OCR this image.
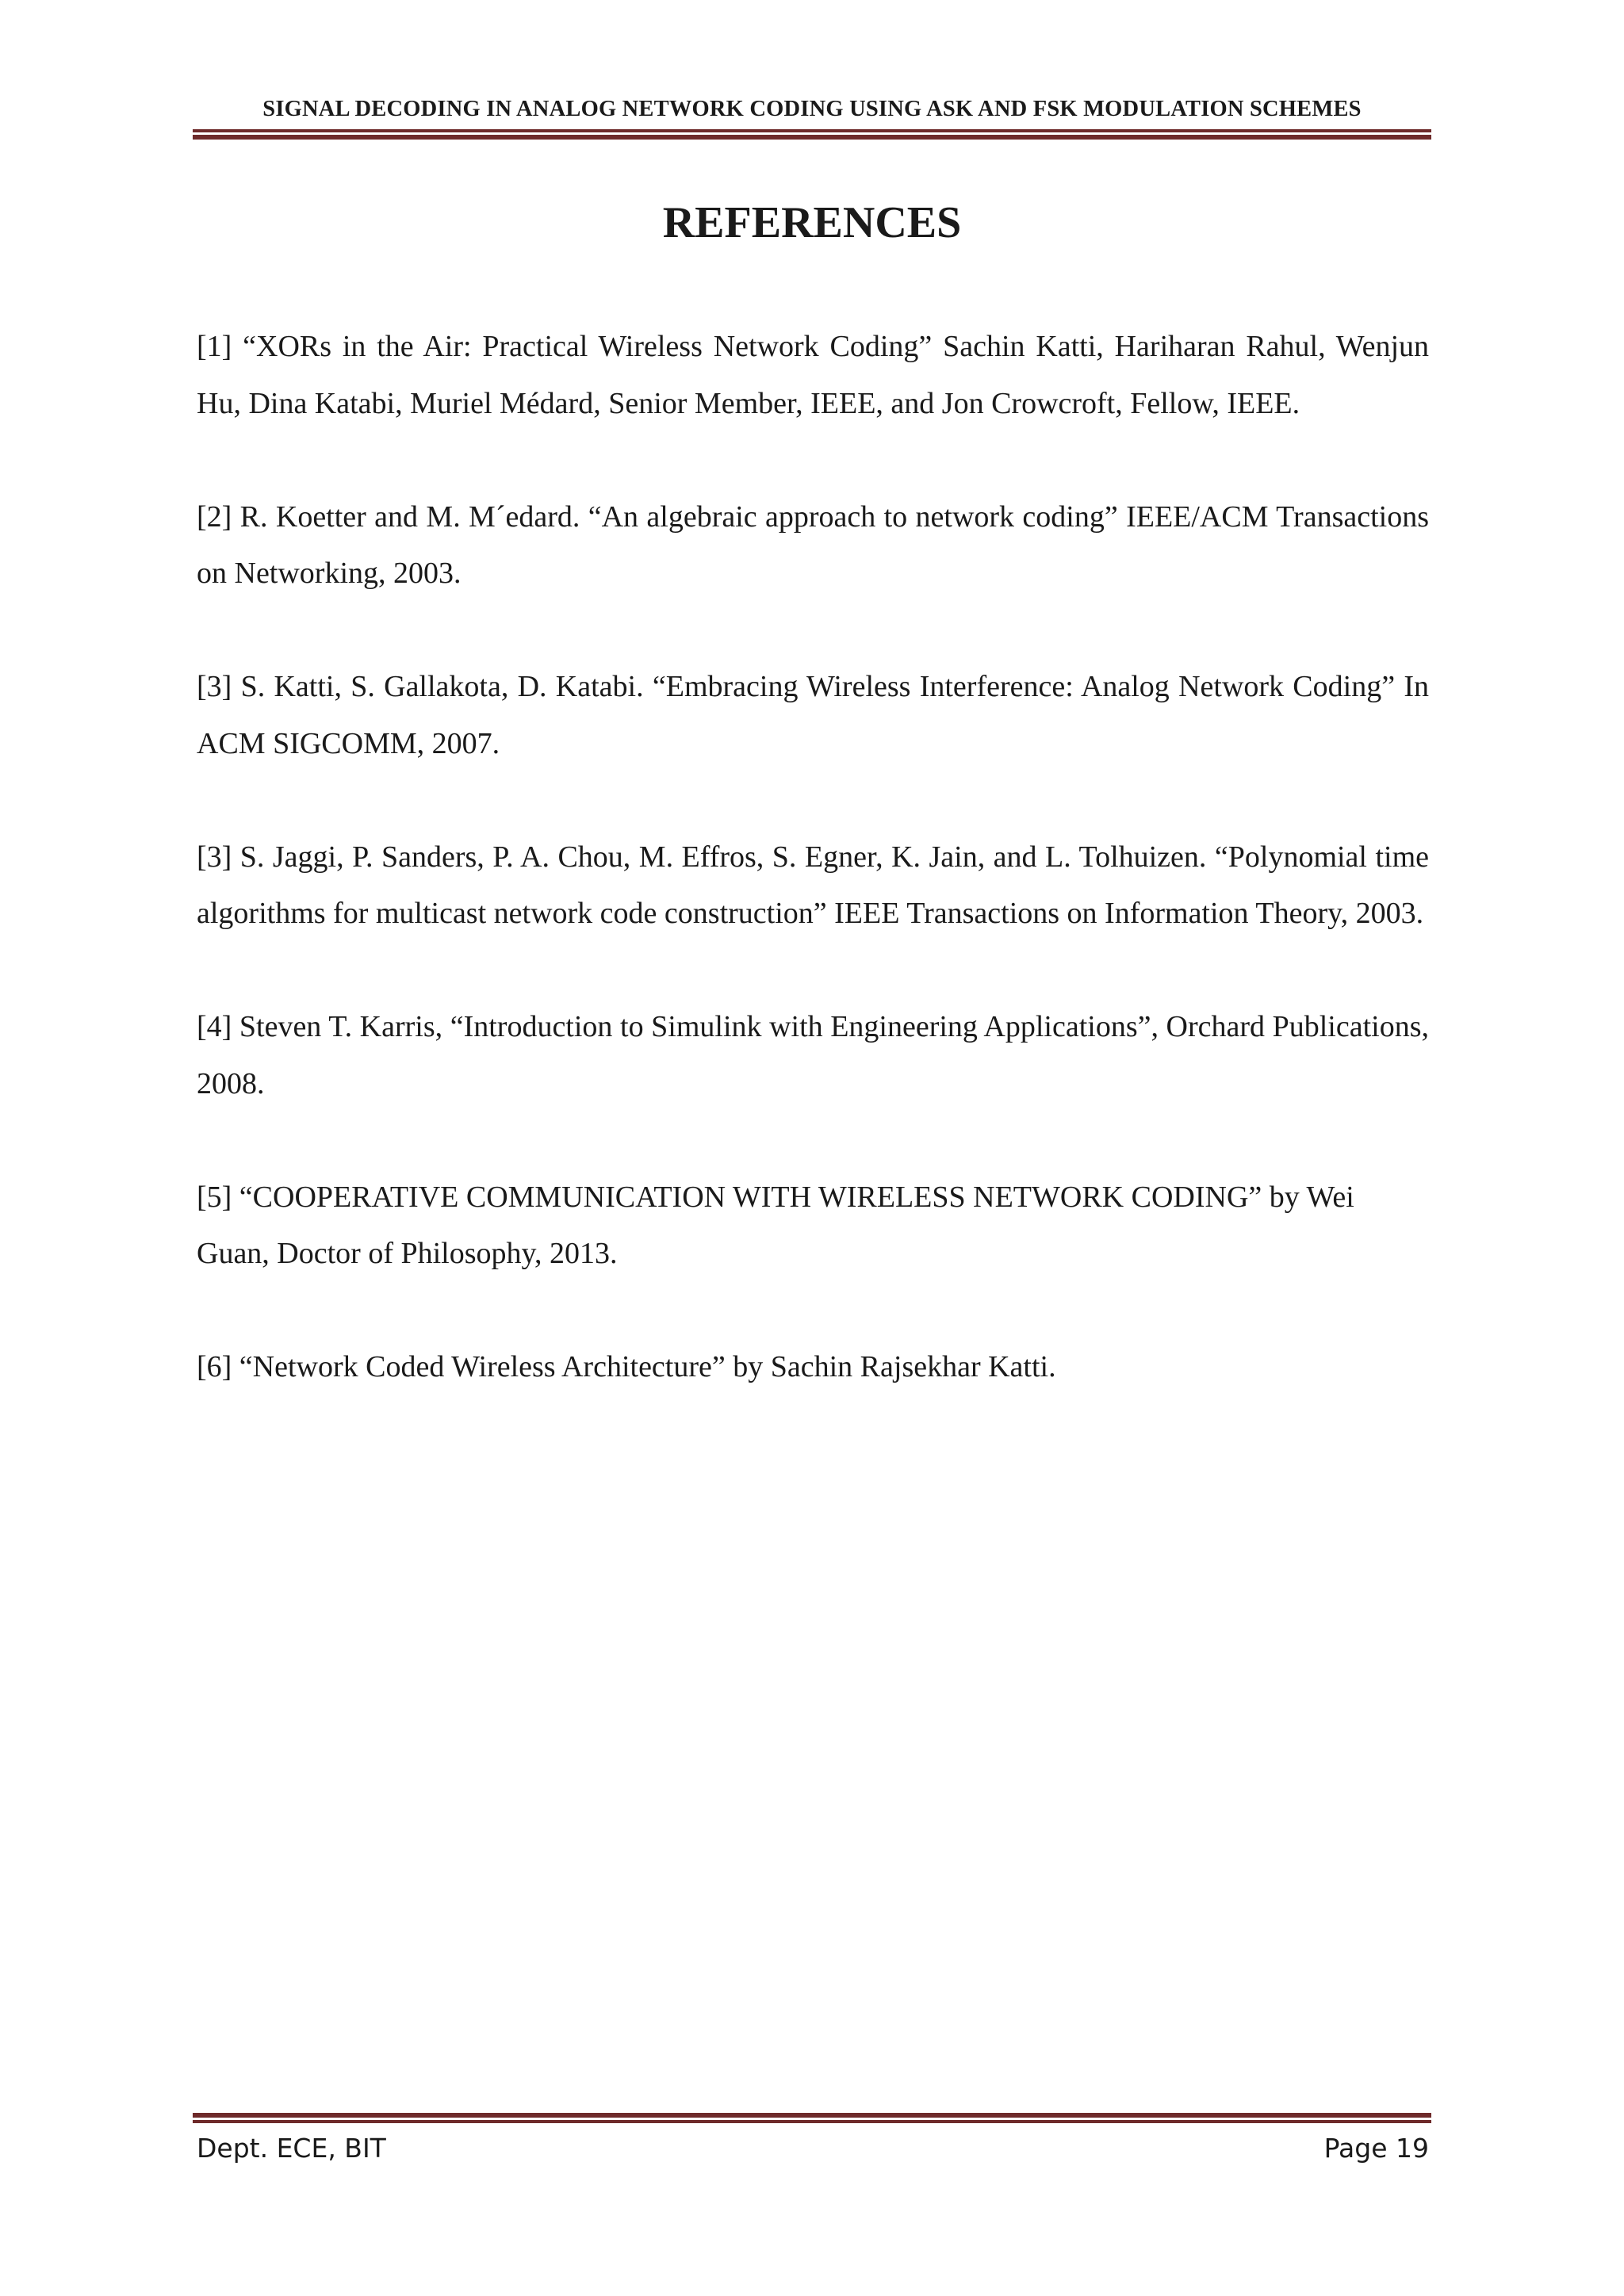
SIGNAL DECODING IN ANALOG NETWORK CODING USING ASK AND FSK MODULATION SCHEMES
REFERENCES
[1] “XORs in the Air: Practical Wireless Network Coding” Sachin Katti, Hariharan Rahul, Wenjun Hu, Dina Katabi, Muriel Médard, Senior Member, IEEE, and Jon Crowcroft, Fellow, IEEE.
[2] R. Koetter and M. M´edard. “An algebraic approach to network coding” IEEE/ACM Transactions on Networking, 2003.
[3] S. Katti, S. Gallakota, D. Katabi. “Embracing Wireless Interference: Analog Network Coding” In ACM SIGCOMM, 2007.
[3] S. Jaggi, P. Sanders, P. A. Chou, M. Effros, S. Egner, K. Jain, and L. Tolhuizen. “Polynomial time algorithms for multicast network code construction” IEEE Transactions on Information Theory, 2003.
[4] Steven T. Karris, “Introduction to Simulink with Engineering Applications”, Orchard Publications, 2008.
[5] “COOPERATIVE COMMUNICATION WITH WIRELESS NETWORK CODING” by Wei Guan, Doctor of Philosophy, 2013.
[6] “Network Coded Wireless Architecture” by Sachin Rajsekhar Katti.
Dept. ECE, BIT	Page 19
